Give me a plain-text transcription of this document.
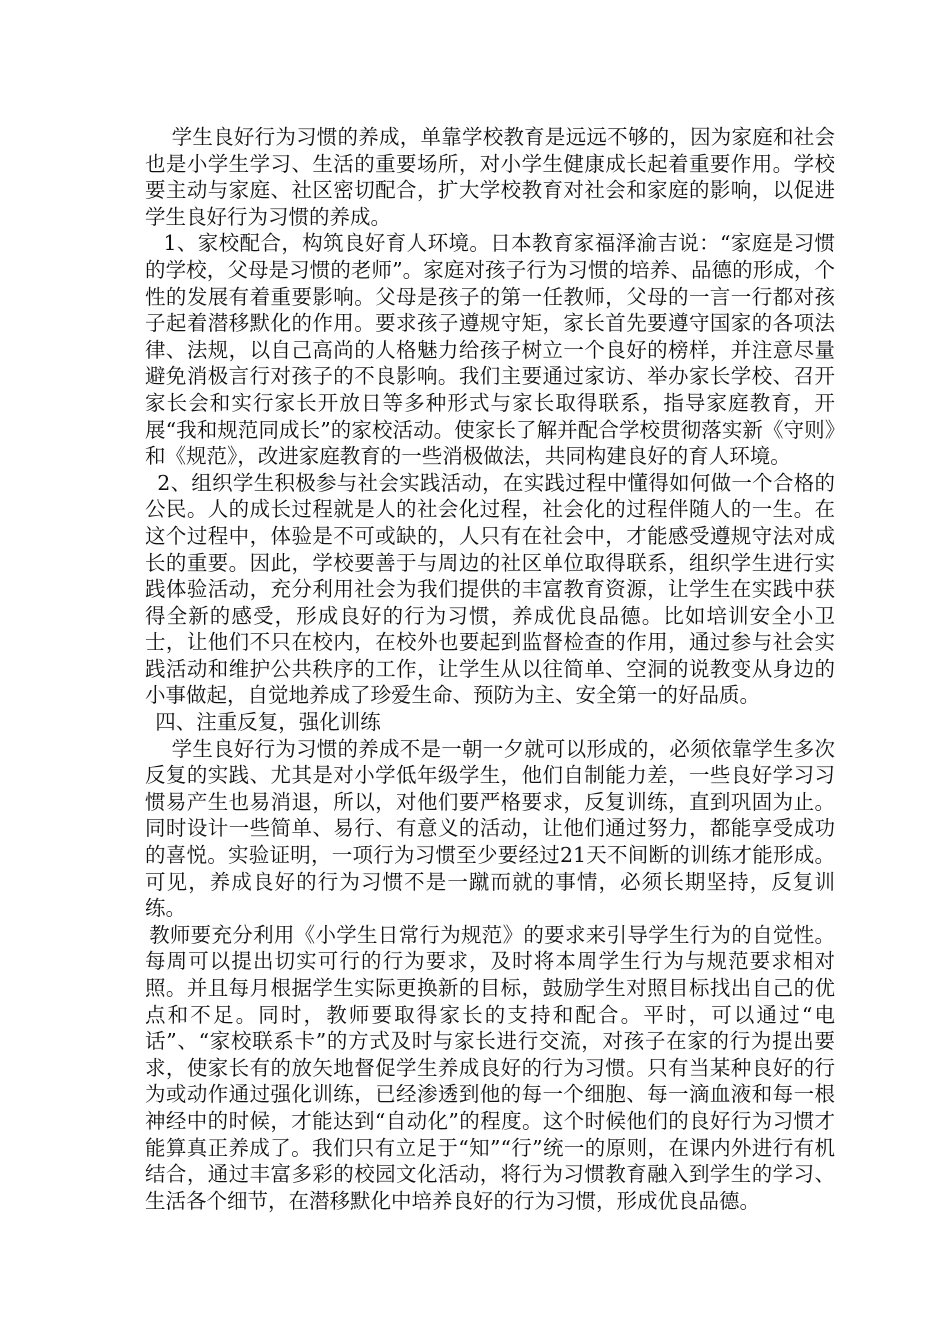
学生良好行为习惯的养成，单靠学校教育是远远不够的，因为家庭和社会也是小学生学习、生活的重要场所，对小学生健康成长起着重要作用。学校要主动与家庭、社区密切配合，扩大学校教育对社会和家庭的影响，以促进学生良好行为习惯的养成。

1、家校配合，构筑良好育人环境。日本教育家福泽渝吉说：“家庭是习惯的学校，父母是习惯的老师”。家庭对孩子行为习惯的培养、品德的形成，个性的发展有着重要影响。父母是孩子的第一任教师，父母的一言一行都对孩子起着潜移默化的作用。要求孩子遵规守矩，家长首先要遵守国家的各项法律、法规，以自己高尚的人格魅力给孩子树立一个良好的榜样，并注意尽量避免消极言行对孩子的不良影响。我们主要通过家访、举办家长学校、召开家长会和实行家长开放日等多种形式与家长取得联系，指导家庭教育，开展“我和规范同成长”的家校活动。使家长了解并配合学校贯彻落实新《守则》和《规范》，改进家庭教育的一些消极做法，共同构建良好的育人环境。

2、组织学生积极参与社会实践活动，在实践过程中懂得如何做一个合格的公民。人的成长过程就是人的社会化过程，社会化的过程伴随人的一生。在这个过程中，体验是不可或缺的，人只有在社会中，才能感受遵规守法对成长的重要。因此，学校要善于与周边的社区单位取得联系，组织学生进行实践体验活动，充分利用社会为我们提供的丰富教育资源，让学生在实践中获得全新的感受，形成良好的行为习惯，养成优良品德。比如培训安全小卫士，让他们不只在校内，在校外也要起到监督检查的作用，通过参与社会实践活动和维护公共秩序的工作，让学生从以往简单、空洞的说教变从身边的小事做起，自觉地养成了珍爱生命、预防为主、安全第一的好品质。

四、注重反复，强化训练

学生良好行为习惯的养成不是一朝一夕就可以形成的，必须依靠学生多次反复的实践、尤其是对小学低年级学生，他们自制能力差，一些良好学习习惯易产生也易消退，所以，对他们要严格要求，反复训练，直到巩固为止。同时设计一些简单、易行、有意义的活动，让他们通过努力，都能享受成功的喜悦。实验证明，一项行为习惯至少要经过21天不间断的训练才能形成。可见，养成良好的行为习惯不是一蹴而就的事情，必须长期坚持，反复训练。

教师要充分利用《小学生日常行为规范》的要求来引导学生行为的自觉性。每周可以提出切实可行的行为要求，及时将本周学生行为与规范要求相对照。并且每月根据学生实际更换新的目标，鼓励学生对照目标找出自己的优点和不足。同时，教师要取得家长的支持和配合。平时，可以通过“电话”、“家校联系卡”的方式及时与家长进行交流，对孩子在家的行为提出要求，使家长有的放矢地督促学生养成良好的行为习惯。只有当某种良好的行为或动作通过强化训练，已经渗透到他的每一个细胞、每一滴血液和每一根神经中的时候，才能达到“自动化”的程度。这个时候他们的良好行为习惯才能算真正养成了。我们只有立足于“知”“行”统一的原则，在课内外进行有机结合，通过丰富多彩的校园文化活动，将行为习惯教育融入到学生的学习、生活各个细节，在潜移默化中培养良好的行为习惯，形成优良品德。
